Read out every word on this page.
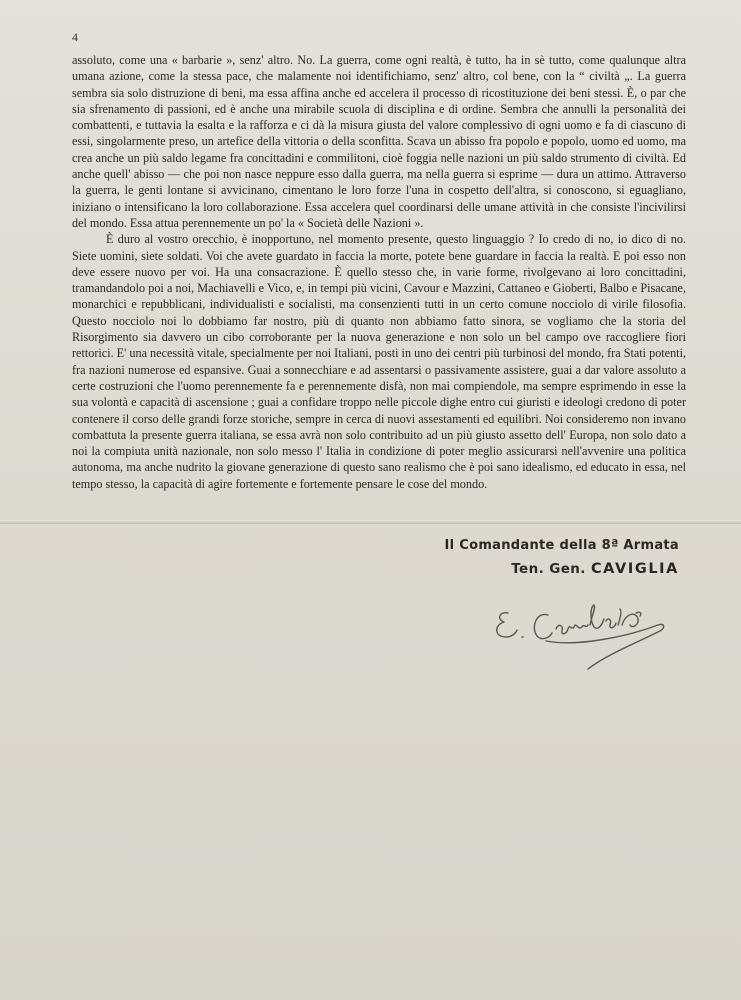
4

assoluto, come una « barbarie », senz' altro. No. La guerra, come ogni realtà, è tutto, ha in sè tutto, come qualunque altra umana azione, come la stessa pace, che malamente noi identifichiamo, senz' altro, col bene, con la “ civiltà „. La guerra sembra sia solo distruzione di beni, ma essa affina anche ed accelera il processo di ricostituzione dei beni stessi. È, o par che sia sfrenamento di passioni, ed è anche una mirabile scuola di disciplina e di ordine. Sembra che annulli la personalità dei combattenti, e tuttavia la esalta e la rafforza e ci dà la misura giusta del valore complessivo di ogni uomo e fa di ciascuno di essi, singolarmente preso, un artefice della vittoria o della sconfitta. Scava un abisso fra popolo e popolo, uomo ed uomo, ma crea anche un più saldo legame fra concittadini e commilitoni, cioè foggia nelle nazioni un più saldo strumento di civiltà. Ed anche quell' abisso — che poi non nasce neppure esso dalla guerra, ma nella guerra si esprime — dura un attimo. Attraverso la guerra, le genti lontane si avvicinano, cimentano le loro forze l'una in cospetto dell'altra, si conoscono, si eguagliano, iniziano o intensificano la loro collaborazione. Essa accelera quel coordinarsi delle umane attività in che consiste l'incivilirsi del mondo. Essa attua perennemente un po' la « Società delle Nazioni ».

È duro al vostro orecchio, è inopportuno, nel momento presente, questo linguaggio ? Io credo di no, io dico di no. Siete uomini, siete soldati. Voi che avete guardato in faccia la morte, potete bene guardare in faccia la realtà. E poi esso non deve essere nuovo per voi. Ha una consacrazione. È quello stesso che, in varie forme, rivolgevano ai loro concittadini, tramandandolo poi a noi, Machiavelli e Vico, e, in tempi più vicini, Cavour e Mazzini, Cattaneo e Gioberti, Balbo e Pisacane, monarchici e repubblicani, individualisti e socialisti, ma consenzienti tutti in un certo comune nocciolo di virile filosofia. Questo nocciolo noi lo dobbiamo far nostro, più di quanto non abbiamo fatto sinora, se vogliamo che la storia del Risorgimento sia davvero un cibo corroborante per la nuova generazione e non solo un bel campo ove raccogliere fiori rettorici. E' una necessità vitale, specialmente per noi Italiani, posti in uno dei centri più turbinosi del mondo, fra Stati potenti, fra nazioni numerose ed espansive. Guai a sonnecchiare e ad assentarsi o passivamente assistere, guai a dar valore assoluto a certe costruzioni che l'uomo perennemente fa e perennemente disfà, non mai compiendole, ma sempre esprimendo in esse la sua volontà e capacità di ascensione ; guai a confidare troppo nelle piccole dighe entro cui giuristi e ideologi credono di poter contenere il corso delle grandi forze storiche, sempre in cerca di nuovi assestamenti ed equilibri. Noi consideremo non invano combattuta la presente guerra italiana, se essa avrà non solo contribuito ad un più giusto assetto dell' Europa, non solo dato a noi la compiuta unità nazionale, non solo messo l' Italia in condizione di poter meglio assicurarsi nell'avvenire una politica autonoma, ma anche nudrito la giovane generazione di questo sano realismo che è poi sano idealismo, ed educato in essa, nel tempo stesso, la capacità di agire fortemente e fortemente pensare le cose del mondo.

Il Comandante della 8ª Armata
Ten. Gen. CAVIGLIA
